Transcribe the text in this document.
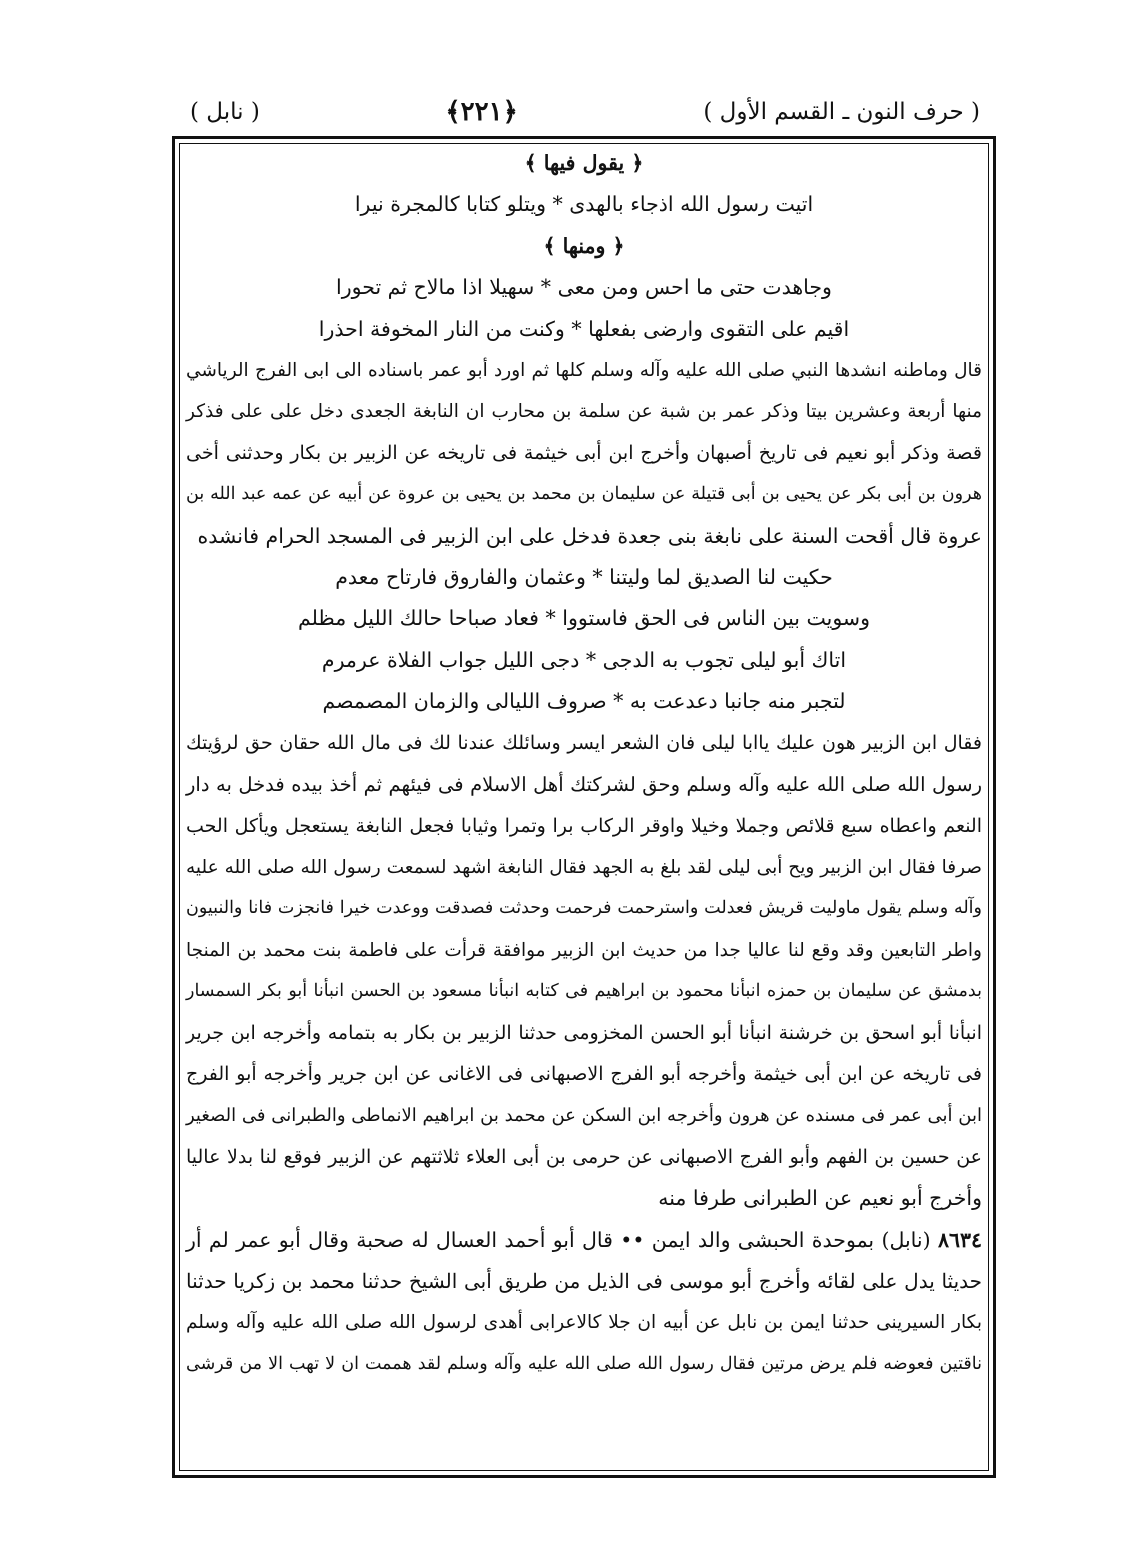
( حرف النون ـ القسم الأول )
﴿٢٢١﴾
( نابل )
﴿ يقول فيها ﴾
اتيت رسول الله اذجاء بالهدى * ويتلو كتابا كالمجرة نيرا
﴿ ومنها ﴾
وجاهدت حتى ما احس ومن معى * سهيلا اذا مالاح ثم تحورا
اقيم على التقوى وارضى بفعلها * وكنت من النار المخوفة احذرا
قال وماطنه انشدها النبي صلى الله عليه وآله وسلم كلها ثم اورد أبو عمر باسناده الى ابى الفرج الرياشي
منها أربعة وعشرين بيتا وذكر عمر بن شبة عن سلمة بن محارب ان النابغة الجعدى دخل على على فذكر
قصة وذكر أبو نعيم فى تاريخ أصبهان وأخرج ابن أبى خيثمة فى تاريخه عن الزبير بن بكار وحدثنى أخى
هرون بن أبى بكر عن يحيى بن أبى قتيلة عن سليمان بن محمد بن يحيى بن عروة عن أبيه عن عمه عبد الله بن
عروة قال أقحت السنة على نابغة بنى جعدة فدخل على ابن الزبير فى المسجد الحرام فانشده
حكيت لنا الصديق لما وليتنا * وعثمان والفاروق فارتاح معدم
وسويت بين الناس فى الحق فاستووا * فعاد صباحا حالك الليل مظلم
اتاك أبو ليلى تجوب به الدجى * دجى الليل جواب الفلاة عرمرم
لتجبر منه جانبا دعدعت به * صروف الليالى والزمان المصمصم
فقال ابن الزبير هون عليك ياابا ليلى فان الشعر ايسر وسائلك عندنا لك فى مال الله حقان حق لرؤيتك
رسول الله صلى الله عليه وآله وسلم وحق لشركتك أهل الاسلام فى فيئهم ثم أخذ بيده فدخل به دار
النعم واعطاه سبع قلائص وجملا وخيلا واوقر الركاب برا وتمرا وثيابا فجعل النابغة يستعجل ويأكل الحب
صرفا فقال ابن الزبير ويح أبى ليلى لقد بلغ به الجهد فقال النابغة اشهد لسمعت رسول الله صلى الله عليه
وآله وسلم يقول ماوليت قريش فعدلت واسترحمت فرحمت وحدثت فصدقت ووعدت خيرا فانجزت فانا والنبيون
واطر التابعين وقد وقع لنا عاليا جدا من حديث ابن الزبير موافقة قرأت على فاطمة بنت محمد بن المنجا
بدمشق عن سليمان بن حمزه انبأنا محمود بن ابراهيم فى كتابه انبأنا مسعود بن الحسن انبأنا أبو بكر السمسار
انبأنا أبو اسحق بن خرشنة انبأنا أبو الحسن المخزومى حدثنا الزبير بن بكار به بتمامه وأخرجه ابن جرير
فى تاريخه عن ابن أبى خيثمة وأخرجه أبو الفرج الاصبهانى فى الاغانى عن ابن جرير وأخرجه أبو الفرج
ابن أبى عمر فى مسنده عن هرون وأخرجه ابن السكن عن محمد بن ابراهيم الانماطى والطبرانى فى الصغير
عن حسين بن الفهم وأبو الفرج الاصبهانى عن حرمى بن أبى العلاء ثلاثتهم عن الزبير فوقع لنا بدلا عاليا
وأخرج أبو نعيم عن الطبرانى طرفا منه
٨٦٣٤ (نابل) بموحدة الحبشى والد ايمن •• قال أبو أحمد العسال له صحبة وقال أبو عمر لم أر
حديثا يدل على لقائه وأخرج أبو موسى فى الذيل من طريق أبى الشيخ حدثنا محمد بن زكريا حدثنا
بكار السيرينى حدثنا ايمن بن نابل عن أبيه ان جلا كالاعرابى أهدى لرسول الله صلى الله عليه وآله وسلم
ناقتين فعوضه فلم يرض مرتين فقال رسول الله صلى الله عليه وآله وسلم لقد هممت ان لا تهب الا من قرشى
